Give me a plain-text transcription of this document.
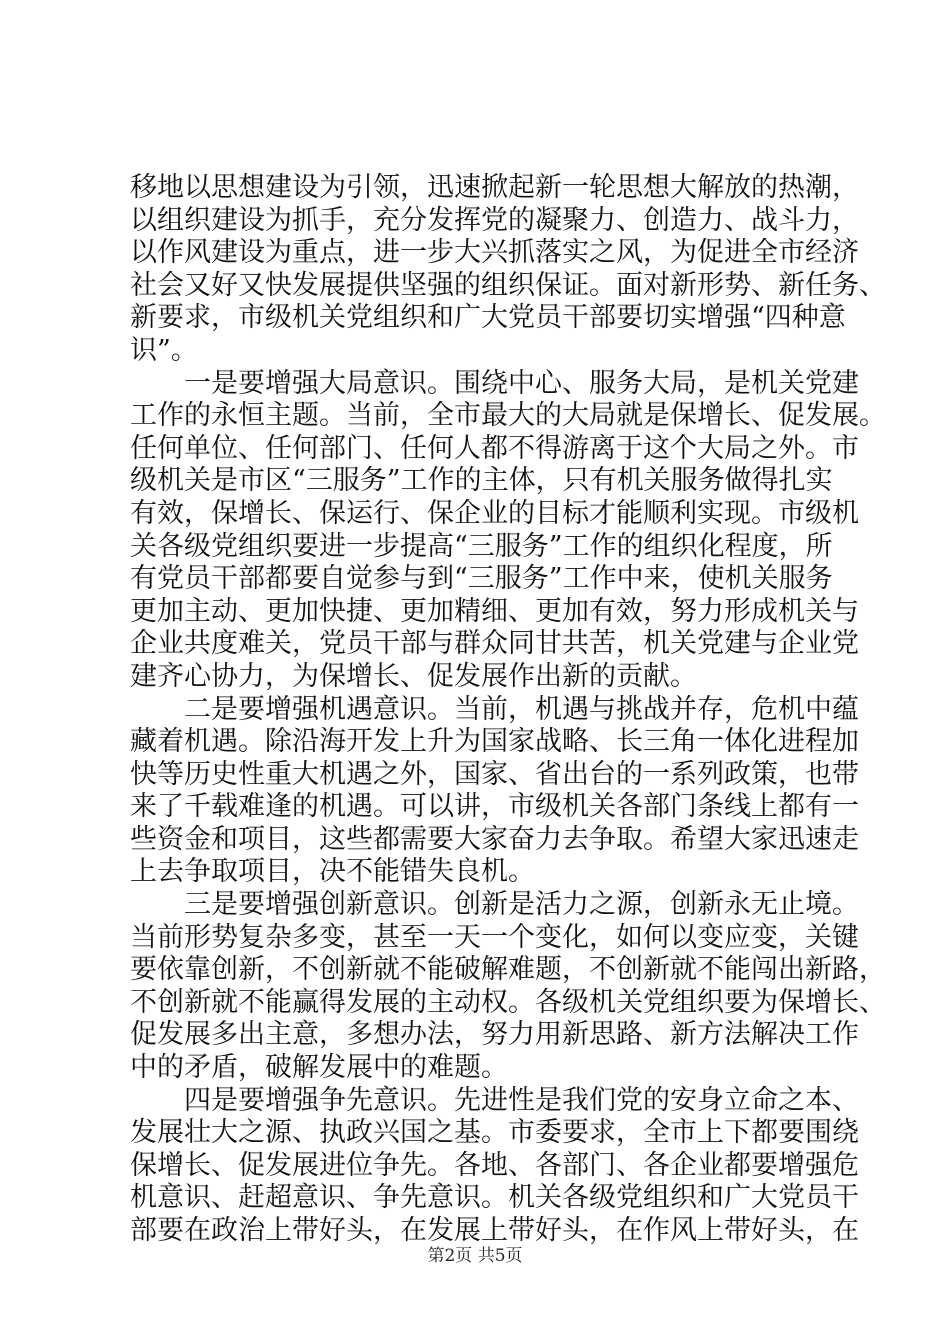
移地以思想建设为引领，迅速掀起新一轮思想大解放的热潮，
以组织建设为抓手，充分发挥党的凝聚力、创造力、战斗力，
以作风建设为重点，进一步大兴抓落实之风，为促进全市经济
社会又好又快发展提供坚强的组织保证。面对新形势、新任务、
新要求，市级机关党组织和广大党员干部要切实增强“四种意
识”。
一是要增强大局意识。围绕中心、服务大局，是机关党建
工作的永恒主题。当前，全市最大的大局就是保增长、促发展。
任何单位、任何部门、任何人都不得游离于这个大局之外。市
级机关是市区“三服务”工作的主体，只有机关服务做得扎实
有效，保增长、保运行、保企业的目标才能顺利实现。市级机
关各级党组织要进一步提高“三服务”工作的组织化程度，所
有党员干部都要自觉参与到“三服务”工作中来，使机关服务
更加主动、更加快捷、更加精细、更加有效，努力形成机关与
企业共度难关，党员干部与群众同甘共苦，机关党建与企业党
建齐心协力，为保增长、促发展作出新的贡献。
二是要增强机遇意识。当前，机遇与挑战并存，危机中蕴
藏着机遇。除沿海开发上升为国家战略、长三角一体化进程加
快等历史性重大机遇之外，国家、省出台的一系列政策，也带
来了千载难逢的机遇。可以讲，市级机关各部门条线上都有一
些资金和项目，这些都需要大家奋力去争取。希望大家迅速走
上去争取项目，决不能错失良机。
三是要增强创新意识。创新是活力之源，创新永无止境。
当前形势复杂多变，甚至一天一个变化，如何以变应变，关键
要依靠创新，不创新就不能破解难题，不创新就不能闯出新路，
不创新就不能赢得发展的主动权。各级机关党组织要为保增长、
促发展多出主意，多想办法，努力用新思路、新方法解决工作
中的矛盾，破解发展中的难题。
四是要增强争先意识。先进性是我们党的安身立命之本、
发展壮大之源、执政兴国之基。市委要求，全市上下都要围绕
保增长、促发展进位争先。各地、各部门、各企业都要增强危
机意识、赶超意识、争先意识。机关各级党组织和广大党员干
部要在政治上带好头，在发展上带好头，在作风上带好头，在
第2页 共5页
